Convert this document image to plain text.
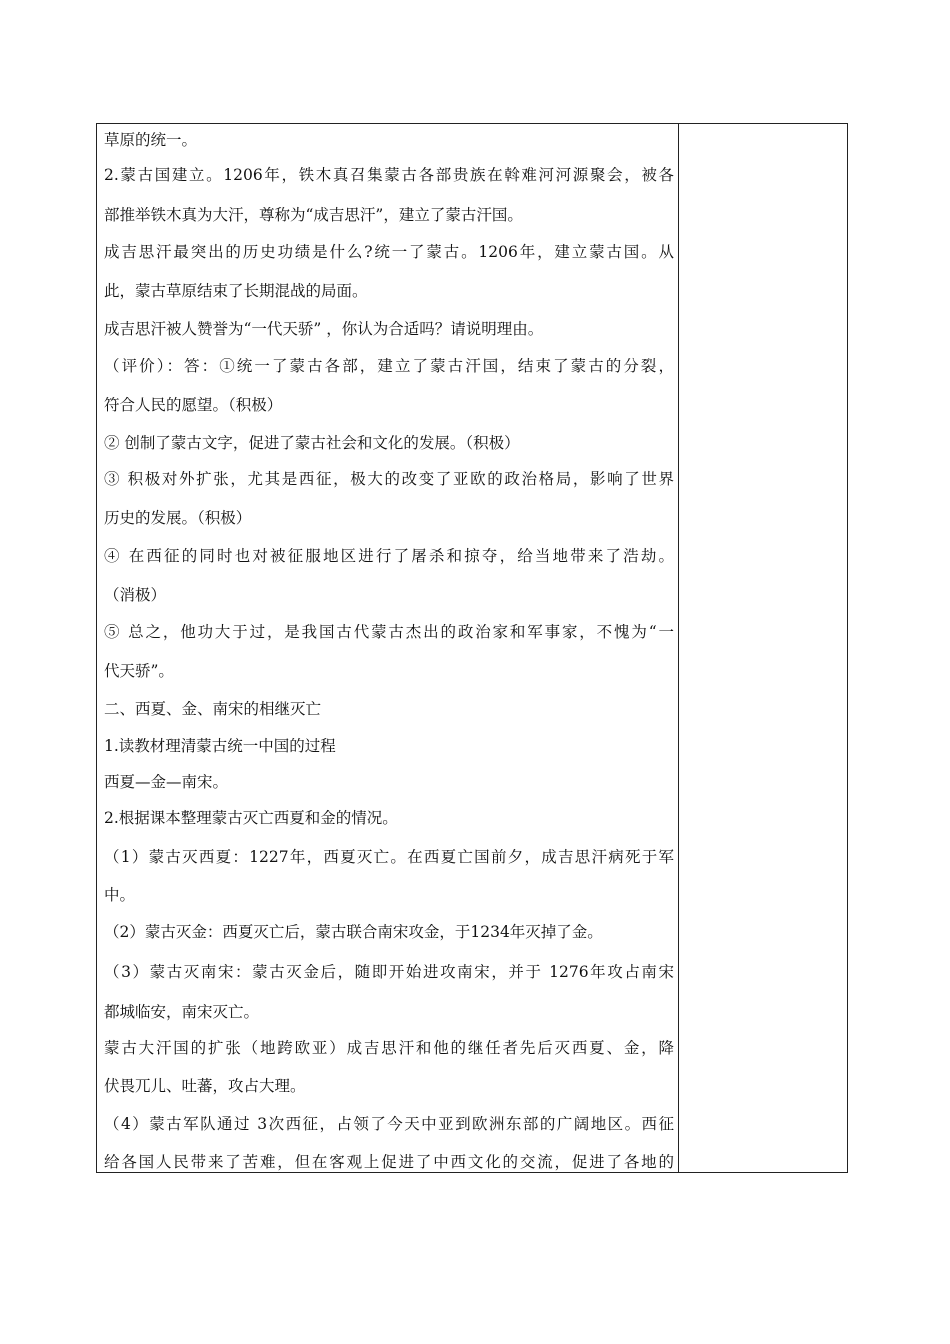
草原的统一。
2.蒙古国建立。1206年，铁木真召集蒙古各部贵族在斡难河河源聚会，被各
部推举铁木真为大汗，尊称为“成吉思汗”，建立了蒙古汗国。
成吉思汗最突出的历史功绩是什么?统一了蒙古。1206年，建立蒙古国。从
此，蒙古草原结束了长期混战的局面。
成吉思汗被人赞誉为“一代天骄” ，你认为合适吗？请说明理由。
（评价）：答：①统一了蒙古各部，建立了蒙古汗国，结束了蒙古的分裂，
符合人民的愿望。（积极）
② 创制了蒙古文字，促进了蒙古社会和文化的发展。（积极）
③ 积极对外扩张，尤其是西征，极大的改变了亚欧的政治格局，影响了世界
历史的发展。（积极）
④ 在西征的同时也对被征服地区进行了屠杀和掠夺，给当地带来了浩劫。
（消极）
⑤ 总之，他功大于过，是我国古代蒙古杰出的政治家和军事家，不愧为“一
代天骄”。
二、西夏、金、南宋的相继灭亡
1.读教材理清蒙古统一中国的过程
西夏—金—南宋。
2.根据课本整理蒙古灭亡西夏和金的情况。
（1）蒙古灭西夏：1227年，西夏灭亡。在西夏亡国前夕，成吉思汗病死于军
中。
（2）蒙古灭金：西夏灭亡后，蒙古联合南宋攻金，于1234年灭掉了金。
（3）蒙古灭南宋：蒙古灭金后，随即开始进攻南宋，并于 1276年攻占南宋
都城临安，南宋灭亡。
蒙古大汗国的扩张（地跨欧亚）成吉思汗和他的继任者先后灭西夏、金，降
伏畏兀儿、吐蕃，攻占大理。
（4）蒙古军队通过 3次西征，占领了今天中亚到欧洲东部的广阔地区。西征
给各国人民带来了苦难，但在客观上促进了中西文化的交流，促进了各地的
